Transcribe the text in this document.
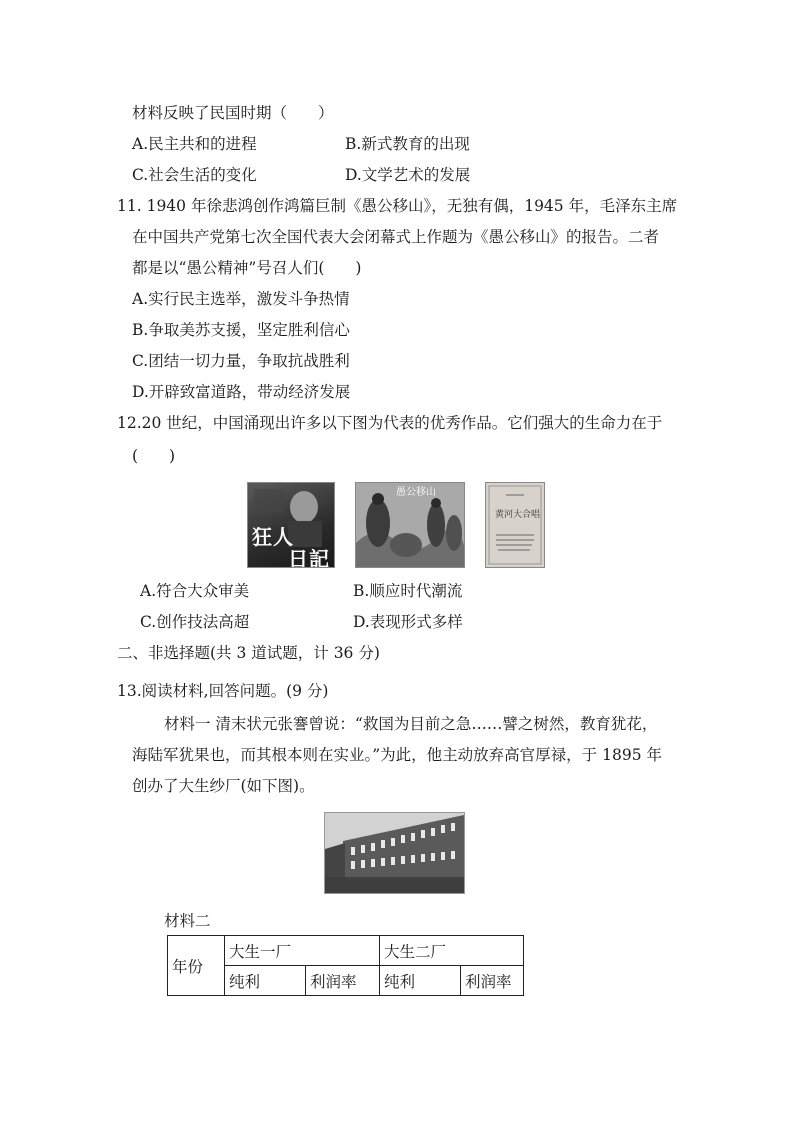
材料反映了民国时期（　　）
A.民主共和的进程	B.新式教育的出现
C.社会生活的变化	D.文学艺术的发展
11. 1940 年徐悲鸿创作鸿篇巨制《愚公移山》，无独有偶，1945 年，毛泽东主席
在中国共产党第七次全国代表大会闭幕式上作题为《愚公移山》的报告。二者
都是以“愚公精神”号召人们(　　)
A.实行民主选举，激发斗争热情
B.争取美苏支援，坚定胜利信心
C.团结一切力量，争取抗战胜利
D.开辟致富道路，带动经济发展
12.20 世纪，中国涌现出许多以下图为代表的优秀作品。它们强大的生命力在于
(　　)
狂人
日記
愚公移山
黄河大合唱
A.符合大众审美	B.顺应时代潮流
C.创作技法高超	D.表现形式多样
二、非选择题(共 3 道试题，计 36 分)
13.阅读材料,回答问题。(9 分)
材料一 清末状元张謇曾说：“救国为目前之急……譬之树然，教育犹花，
海陆军犹果也，而其根本则在实业。”为此，他主动放弃高官厚禄，于 1895 年
创办了大生纱厂(如下图)。
材料二
年份	大生一厂		大生二厂	
	纯利	利润率	纯利	利润率
